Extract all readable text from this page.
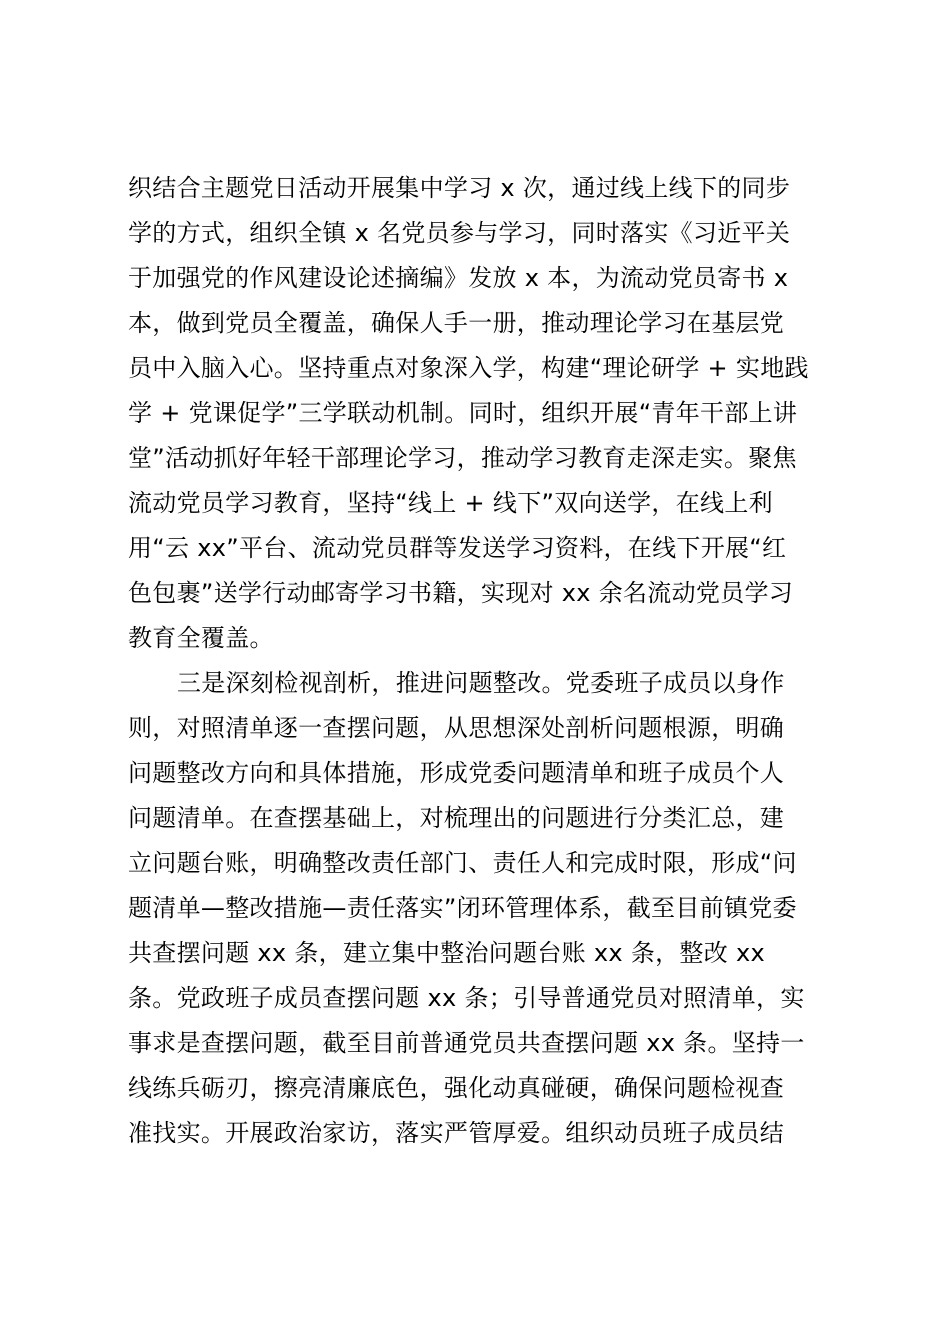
织结合主题党日活动开展集中学习 x 次，通过线上线下的同步
学的方式，组织全镇 x 名党员参与学习，同时落实《习近平关
于加强党的作风建设论述摘编》发放 x 本，为流动党员寄书 x
本，做到党员全覆盖，确保人手一册，推动理论学习在基层党
员中入脑入心。坚持重点对象深入学，构建“理论研学 + 实地践
学 + 党课促学”三学联动机制。同时，组织开展“青年干部上讲
堂”活动抓好年轻干部理论学习，推动学习教育走深走实。聚焦
流动党员学习教育，坚持“线上 + 线下”双向送学，在线上利
用“云 xx”平台、流动党员群等发送学习资料，在线下开展“红
色包裹”送学行动邮寄学习书籍，实现对 xx 余名流动党员学习
教育全覆盖。
三是深刻检视剖析，推进问题整改。党委班子成员以身作
则，对照清单逐一查摆问题，从思想深处剖析问题根源，明确
问题整改方向和具体措施，形成党委问题清单和班子成员个人
问题清单。在查摆基础上，对梳理出的问题进行分类汇总，建
立问题台账，明确整改责任部门、责任人和完成时限，形成“问
题清单—整改措施—责任落实”闭环管理体系，截至目前镇党委
共查摆问题 xx 条，建立集中整治问题台账 xx 条，整改 xx
条。党政班子成员查摆问题 xx 条；引导普通党员对照清单，实
事求是查摆问题，截至目前普通党员共查摆问题 xx 条。坚持一
线练兵砺刃，擦亮清廉底色，强化动真碰硬，确保问题检视查
准找实。开展政治家访，落实严管厚爱。组织动员班子成员结
